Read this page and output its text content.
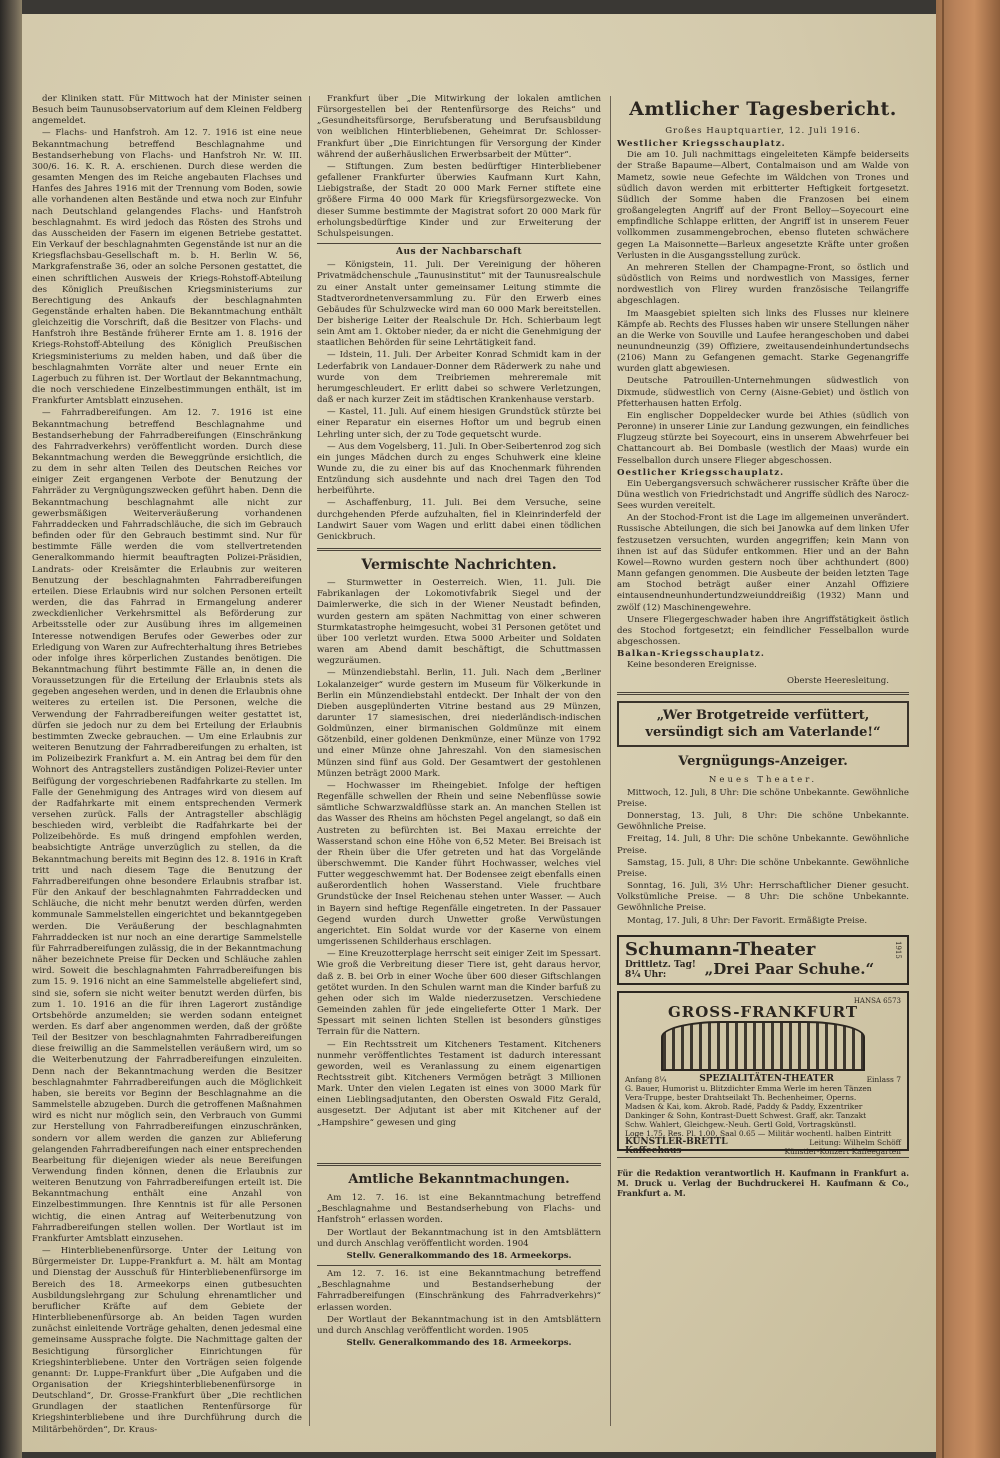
der Kliniken statt. Für Mittwoch hat der Minister seinen Besuch beim Taunusobservatorium auf dem Kleinen Feldberg angemeldet.

— Flachs- und Hanfstroh. Am 12. 7. 1916 ist eine neue Bekanntmachung betreffend Beschlagnahme und Bestandserhebung von Flachs- und Hanfstroh Nr. W. III. 300/6. 16. K. R. A. erschienen. Durch diese werden die gesamten Mengen des im Reiche angebauten Flachses und Hanfes des Jahres 1916 mit der Trennung vom Boden, sowie alle vorhandenen alten Bestände und etwa noch zur Einfuhr nach Deutschland gelangendes Flachs- und Hanfstroh beschlagnahmt. Es wird jedoch das Rösten des Strohs und das Ausscheiden der Fasern im eigenen Betriebe gestattet. Ein Verkauf der beschlagnahmten Gegenstände ist nur an die Kriegsflachsbau-Gesellschaft m. b. H. Berlin W. 56, Markgrafenstraße 36, oder an solche Personen gestattet, die einen schriftlichen Ausweis der Kriegs-Rohstoff-Abteilung des Königlich Preußischen Kriegsministeriums zur Berechtigung des Ankaufs der beschlagnahmten Gegenstände erhalten haben. Die Bekanntmachung enthält gleichzeitig die Vorschrift, daß die Besitzer von Flachs- und Hanfstroh ihre Bestände früherer Ernte am 1. 8. 1916 der Kriegs-Rohstoff-Abteilung des Königlich Preußischen Kriegsministeriums zu melden haben, und daß über die beschlagnahmten Vorräte alter und neuer Ernte ein Lagerbuch zu führen ist. Der Wortlaut der Bekanntmachung, die noch verschiedene Einzelbestimmungen enthält, ist im Frankfurter Amtsblatt einzusehen.

— Fahrradbereifungen. Am 12. 7. 1916 ist eine Bekanntmachung betreffend Beschlagnahme und Bestandserhebung der Fahrradbereifungen (Einschränkung des Fahrradverkehrs) veröffentlicht worden. Durch diese Bekanntmachung werden die Beweggründe ersichtlich, die zu dem in sehr alten Teilen des Deutschen Reiches vor einiger Zeit ergangenen Verbote der Benutzung der Fahrräder zu Vergnügungszwecken geführt haben. Denn die Bekanntmachung beschlagnahmt alle nicht zur gewerbsmäßigen Weiterveräußerung vorhandenen Fahrraddecken und Fahrradschläuche, die sich im Gebrauch befinden oder für den Gebrauch bestimmt sind. Nur für bestimmte Fälle werden die vom stellvertretenden Generalkommando hiermit beauftragten Polizei-Präsidien, Landrats- oder Kreisämter die Erlaubnis zur weiteren Benutzung der beschlagnahmten Fahrradbereifungen erteilen. Diese Erlaubnis wird nur solchen Personen erteilt werden, die das Fahrrad in Ermangelung anderer zweckdienlicher Verkehrsmittel als Beförderung zur Arbeitsstelle oder zur Ausübung ihres im allgemeinen Interesse notwendigen Berufes oder Gewerbes oder zur Erledigung von Waren zur Aufrechterhaltung ihres Betriebes oder infolge ihres körperlichen Zustandes benötigen. Die Bekanntmachung führt bestimmte Fälle an, in denen die Voraussetzungen für die Erteilung der Erlaubnis stets als gegeben angesehen werden, und in denen die Erlaubnis ohne weiteres zu erteilen ist. Die Personen, welche die Verwendung der Fahrradbereifungen weiter gestattet ist, dürfen sie jedoch nur zu dem bei Erteilung der Erlaubnis bestimmten Zwecke gebrauchen. — Um eine Erlaubnis zur weiteren Benutzung der Fahrradbereifungen zu erhalten, ist im Polizeibezirk Frankfurt a. M. ein Antrag bei dem für den Wohnort des Antragstellers zuständigen Polizei-Revier unter Beifügung der vorgeschriebenen Radfahrkarte zu stellen. Im Falle der Genehmigung des Antrages wird von diesem auf der Radfahrkarte mit einem entsprechenden Vermerk versehen zurück. Falls der Antragsteller abschlägig beschieden wird, verbleibt die Radfahrkarte bei der Polizeibehörde. Es muß dringend empfohlen werden, beabsichtigte Anträge unverzüglich zu stellen, da die Bekanntmachung bereits mit Beginn des 12. 8. 1916 in Kraft tritt und nach diesem Tage die Benutzung der Fahrradbereifungen ohne besondere Erlaubnis strafbar ist. Für den Ankauf der beschlagnahmten Fahrraddecken und Schläuche, die nicht mehr benutzt werden dürfen, werden kommunale Sammelstellen eingerichtet und bekanntgegeben werden. Die Veräußerung der beschlagnahmten Fahrraddecken ist nur noch an eine derartige Sammelstelle für Fahrradbereifungen zulässig, die in der Bekanntmachung näher bezeichnete Preise für Decken und Schläuche zahlen wird. Soweit die beschlagnahmten Fahrradbereifungen bis zum 15. 9. 1916 nicht an eine Sammelstelle abgeliefert sind, sind sie, sofern sie nicht weiter benutzt werden dürfen, bis zum 1. 10. 1916 an die für ihren Lagerort zuständige Ortsbehörde anzumelden; sie werden sodann enteignet werden. Es darf aber angenommen werden, daß der größte Teil der Besitzer von beschlagnahmten Fahrradbereifungen diese freiwillig an die Sammelstellen veräußern wird, um so die Weiterbenutzung der Fahrradbereifungen einzuleiten. Denn nach der Bekanntmachung werden die Besitzer beschlagnahmter Fahrradbereifungen auch die Möglichkeit haben, sie bereits vor Beginn der Beschlagnahme an die Sammelstelle abzugeben. Durch die getroffenen Maßnahmen wird es nicht nur möglich sein, den Verbrauch von Gummi zur Herstellung von Fahrradbereifungen einzuschränken, sondern vor allem werden die ganzen zur Ablieferung gelangenden Fahrradbereifungen nach einer entsprechenden Bearbeitung für diejenigen wieder als neue Bereifungen Verwendung finden können, denen die Erlaubnis zur weiteren Benutzung von Fahrradbereifungen erteilt ist. Die Bekanntmachung enthält eine Anzahl von Einzelbestimmungen. Ihre Kenntnis ist für alle Personen wichtig, die einen Antrag auf Weiterbenutzung von Fahrradbereifungen stellen wollen. Der Wortlaut ist im Frankfurter Amtsblatt einzusehen.

— Hinterbliebenenfürsorge. Unter der Leitung von Bürgermeister Dr. Luppe-Frankfurt a. M. hält am Montag und Dienstag der Ausschuß für Hinterbliebenenfürsorge im Bereich des 18. Armeekorps einen gutbesuchten Ausbildungslehrgang zur Schulung ehrenamtlicher und beruflicher Kräfte auf dem Gebiete der Hinterbliebenenfürsorge ab. An beiden Tagen wurden zunächst einleitende Vorträge gehalten, denen jedesmal eine gemeinsame Aussprache folgte. Die Nachmittage galten der Besichtigung fürsorglicher Einrichtungen für Kriegshinterbliebene. Unter den Vorträgen seien folgende genannt: Dr. Luppe-Frankfurt über „Die Aufgaben und die Organisation der Kriegshinterbliebenenfürsorge in Deutschland“, Dr. Grosse-Frankfurt über „Die rechtlichen Grundlagen der staatlichen Rentenfürsorge für Kriegshinterbliebene und ihre Durchführung durch die Militärbehörden“, Dr. Kraus-

Frankfurt über „Die Mitwirkung der lokalen amtlichen Fürsorgestellen bei der Rentenfürsorge des Reichs“ und „Gesundheitsfürsorge, Berufsberatung und Berufsausbildung von weiblichen Hinterbliebenen, Geheimrat Dr. Schlosser-Frankfurt über „Die Einrichtungen für Versorgung der Kinder während der außerhäuslichen Erwerbsarbeit der Mütter“.

— Stiftungen. Zum besten bedürftiger Hinterbliebener gefallener Frankfurter überwies Kaufmann Kurt Kahn, Liebigstraße, der Stadt 20 000 Mark Ferner stiftete eine größere Firma 40 000 Mark für Kriegsfürsorgezwecke. Von dieser Summe bestimmte der Magistrat sofort 20 000 Mark für erholungsbedürftige Kinder und zur Erweiterung der Schulspeisungen.

Aus der Nachbarschaft

— Königstein, 11. Juli. Der Vereinigung der höheren Privatmädchenschule „Taunusinstitut“ mit der Taunusrealschule zu einer Anstalt unter gemeinsamer Leitung stimmte die Stadtverordnetenversammlung zu. Für den Erwerb eines Gebäudes für Schulzwecke wird man 60 000 Mark bereitstellen. Der bisherige Leiter der Realschule Dr. Hch. Schierbaum legt sein Amt am 1. Oktober nieder, da er nicht die Genehmigung der staatlichen Behörden für seine Lehrtätigkeit fand.

— Idstein, 11. Juli. Der Arbeiter Konrad Schmidt kam in der Lederfabrik von Landauer-Donner dem Räderwerk zu nahe und wurde von dem Treibriemen mehreremale mit herumgeschleudert. Er erlitt dabei so schwere Verletzungen, daß er nach kurzer Zeit im städtischen Krankenhause verstarb.

— Kastel, 11. Juli. Auf einem hiesigen Grundstück stürzte bei einer Reparatur ein eisernes Hoftor um und begrub einen Lehrling unter sich, der zu Tode gequetscht wurde.

— Aus dem Vogelsberg, 11. Juli. In Ober-Seibertenrod zog sich ein junges Mädchen durch zu enges Schuhwerk eine kleine Wunde zu, die zu einer bis auf das Knochenmark führenden Entzündung sich ausdehnte und nach drei Tagen den Tod herbeiführte.

— Aschaffenburg, 11. Juli. Bei dem Versuche, seine durchgehenden Pferde aufzuhalten, fiel in Kleinrinderfeld der Landwirt Sauer vom Wagen und erlitt dabei einen tödlichen Genickbruch.

Vermischte Nachrichten.

— Sturmwetter in Oesterreich. Wien, 11. Juli. Die Fabrikanlagen der Lokomotivfabrik Siegel und der Daimlerwerke, die sich in der Wiener Neustadt befinden, wurden gestern am späten Nachmittag von einer schweren Sturmkatastrophe heimgesucht, wobei 31 Personen getötet und über 100 verletzt wurden. Etwa 5000 Arbeiter und Soldaten waren am Abend damit beschäftigt, die Schuttmassen wegzuräumen.

— Münzendiebstahl. Berlin, 11. Juli. Nach dem „Berliner Lokalanzeiger“ wurde gestern im Museum für Völkerkunde in Berlin ein Münzendiebstahl entdeckt. Der Inhalt der von den Dieben ausgeplünderten Vitrine bestand aus 29 Münzen, darunter 17 siamesischen, drei niederländisch-indischen Goldmünzen, einer birmanischen Goldmünze mit einem Götzenbild, einer goldenen Denkmünze, einer Münze von 1792 und einer Münze ohne Jahreszahl. Von den siamesischen Münzen sind fünf aus Gold. Der Gesamtwert der gestohlenen Münzen beträgt 2000 Mark.

— Hochwasser im Rheingebiet. Infolge der heftigen Regenfälle schwellen der Rhein und seine Nebenflüsse sowie sämtliche Schwarzwaldflüsse stark an. An manchen Stellen ist das Wasser des Rheins am höchsten Pegel angelangt, so daß ein Austreten zu befürchten ist. Bei Maxau erreichte der Wasserstand schon eine Höhe von 6,52 Meter. Bei Breisach ist der Rhein über die Ufer getreten und hat das Vorgelände überschwemmt. Die Kander führt Hochwasser, welches viel Futter weggeschwemmt hat. Der Bodensee zeigt ebenfalls einen außerordentlich hohen Wasserstand. Viele fruchtbare Grundstücke der Insel Reichenau stehen unter Wasser. — Auch in Bayern sind heftige Regenfälle eingetreten. In der Passauer Gegend wurden durch Unwetter große Verwüstungen angerichtet. Ein Soldat wurde vor der Kaserne von einem umgerissenen Schilderhaus erschlagen.

— Eine Kreuzotterplage herrscht seit einiger Zeit im Spessart. Wie groß die Verbreitung dieser Tiere ist, geht daraus hervor, daß z. B. bei Orb in einer Woche über 600 dieser Giftschlangen getötet wurden. In den Schulen warnt man die Kinder barfuß zu gehen oder sich im Walde niederzusetzen. Verschiedene Gemeinden zahlen für jede eingelieferte Otter 1 Mark. Der Spessart mit seinen lichten Stellen ist besonders günstiges Terrain für die Nattern.

— Ein Rechtsstreit um Kitcheners Testament. Kitcheners nunmehr veröffentlichtes Testament ist dadurch interessant geworden, weil es Veranlassung zu einem eigenartigen Rechtsstreit gibt. Kitcheners Vermögen beträgt 3 Millionen Mark. Unter den vielen Legaten ist eines von 3000 Mark für einen Lieblingsadjutanten, den Obersten Oswald Fitz Gerald, ausgesetzt. Der Adjutant ist aber mit Kitchener auf der „Hampshire“ gewesen und ging

Amtliche Bekanntmachungen.

Am 12. 7. 16. ist eine Bekanntmachung betreffend „Beschlagnahme und Bestandserhebung von Flachs- und Hanfstroh“ erlassen worden.

Der Wortlaut der Bekanntmachung ist in den Amtsblättern und durch Anschlag veröffentlicht worden. 1904

Stellv. Generalkommando des 18. Armeekorps.

Am 12. 7. 16. ist eine Bekanntmachung betreffend „Beschlagnahme und Bestandserhebung der Fahrradbereifungen (Einschränkung des Fahrradverkehrs)“ erlassen worden.

Der Wortlaut der Bekanntmachung ist in den Amtsblättern und durch Anschlag veröffentlicht worden. 1905

Stellv. Generalkommando des 18. Armeekorps.
Amtlicher Tagesbericht.
Großes Hauptquartier, 12. Juli 1916.
Westlicher Kriegsschauplatz.

Die am 10. Juli nachmittags eingeleiteten Kämpfe beiderseits der Straße Bapaume—Albert, Contalmaison und am Walde von Mametz, sowie neue Gefechte im Wäldchen von Trones und südlich davon werden mit erbitterter Heftigkeit fortgesetzt. Südlich der Somme haben die Franzosen bei einem großangelegten Angriff auf der Front Belloy—Soyecourt eine empfindliche Schlappe erlitten, der Angriff ist in unserem Feuer vollkommen zusammengebrochen, ebenso fluteten schwächere gegen La Maisonnette—Barleux angesetzte Kräfte unter großen Verlusten in die Ausgangsstellung zurück.

An mehreren Stellen der Champagne-Front, so östlich und südöstlich von Reims und nordwestlich von Massiges, ferner nordwestlich von Flirey wurden französische Teilangriffe abgeschlagen.

Im Maasgebiet spielten sich links des Flusses nur kleinere Kämpfe ab. Rechts des Flusses haben wir unsere Stellungen näher an die Werke von Souville und Laufee herangeschoben und dabei neunundneunzig (39) Offiziere, zweitausendeinhundertundsechs (2106) Mann zu Gefangenen gemacht. Starke Gegenangriffe wurden glatt abgewiesen.

Deutsche Patrouillen-Unternehmungen südwestlich von Dixmude, südwestlich von Cerny (Aisne-Gebiet) und östlich von Pfetterhausen hatten Erfolg.

Ein englischer Doppeldecker wurde bei Athies (südlich von Peronne) in unserer Linie zur Landung gezwungen, ein feindliches Flugzeug stürzte bei Soyecourt, eins in unserem Abwehrfeuer bei Chattancourt ab. Bei Dombasle (westlich der Maas) wurde ein Fesselballon durch unsere Flieger abgeschossen.

Oestlicher Kriegsschauplatz.

Ein Uebergangsversuch schwächerer russischer Kräfte über die Düna westlich von Friedrichstadt und Angriffe südlich des Narocz-Sees wurden vereitelt.

An der Stochod-Front ist die Lage im allgemeinen unverändert. Russische Abteilungen, die sich bei Janowka auf dem linken Ufer festzusetzen versuchten, wurden angegriffen; kein Mann von ihnen ist auf das Südufer entkommen. Hier und an der Bahn Kowel—Rowno wurden gestern noch über achthundert (800) Mann gefangen genommen. Die Ausbeute der beiden letzten Tage am Stochod beträgt außer einer Anzahl Offiziere eintausendneunhundertundzweiunddreißig (1932) Mann und zwölf (12) Maschinengewehre.

Unsere Fliegergeschwader haben ihre Angriffstätigkeit östlich des Stochod fortgesetzt; ein feindlicher Fesselballon wurde abgeschossen.

Balkan-Kriegsschauplatz.

Keine besonderen Ereignisse.

Oberste Heeresleitung.
„Wer Brotgetreide verfüttert, versündigt sich am Vaterlande!“
Vergnügungs-Anzeiger.
Neues Theater.

Mittwoch, 12. Juli, 8 Uhr: Die schöne Unbekannte. Gewöhnliche Preise.

Donnerstag, 13. Juli, 8 Uhr: Die schöne Unbekannte. Gewöhnliche Preise.

Freitag, 14. Juli, 8 Uhr: Die schöne Unbekannte. Gewöhnliche Preise.

Samstag, 15. Juli, 8 Uhr: Die schöne Unbekannte. Gewöhnliche Preise.

Sonntag, 16. Juli, 3½ Uhr: Herrschaftlicher Diener gesucht. Volkstümliche Preise. — 8 Uhr: Die schöne Unbekannte. Gewöhnliche Preise.

Montag, 17. Juli, 8 Uhr: Der Favorit. Ermäßigte Preise.

Schumann-Theater
Drittletz. Tag!
8¼ Uhr:	„Drei Paar Schuhe.“
1915
HANSA 6573
GROSS-FRANKFURT
Anfang 8¼	SPEZIALITÄTEN-THEATER	Einlass 7
G. Bauer, Humorist u. Blitzdichter Emma Werle im heren Tänzen
Vera-Truppe, bester Drahtseilakt Th. Bechenheimer, Operns.
Madsen & Kai, kom. Akrob. Radé, Paddy & Paddy, Exzentriker
Dankinger & Sohn, Kontrast-Duett Schwest. Graff, akr. Tanzakt
Schw. Wahlert, Gleichgew.-Neuh. Gertl Gold, Vortragskünstl.
Loge 1.75, Res. Pl. 1.00, Saal 0.65 — Militär wochentl. halben Eintritt
KÜNSTLER-BRETTL	Leitung: Wilhelm Schöff
Kaffeehaus	Künstler-Konzert Kaffeegarten
Für die Redaktion verantwortlich H. Kaufmann in Frankfurt a. M. Druck u. Verlag der Buchdruckerei H. Kaufmann & Co., Frankfurt a. M.
